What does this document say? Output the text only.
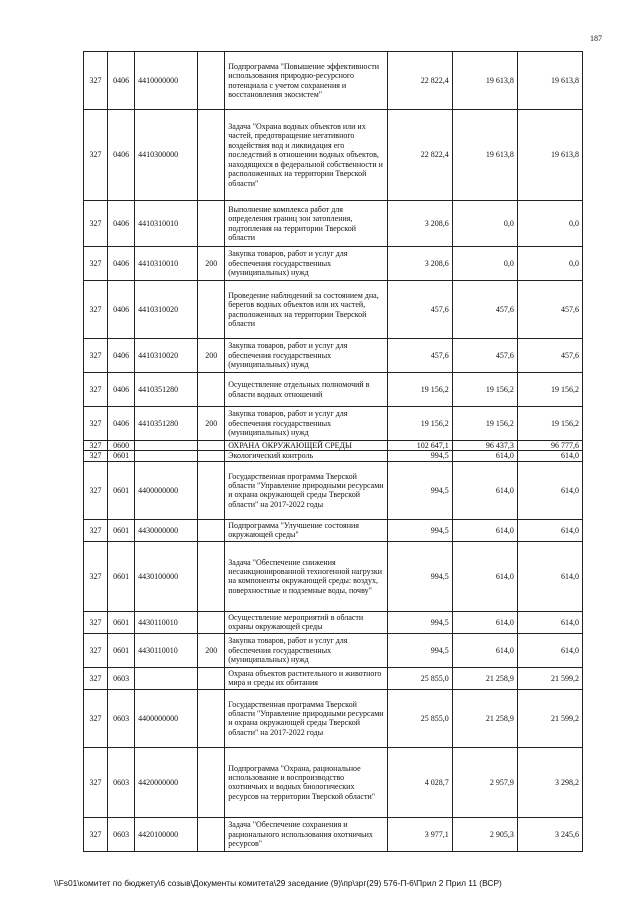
187
327	0406	4410000000		Подпрограмма "Повышение эффективности использования природно-ресурсного потенциала с учетом сохранения и восстановления экосистем"	22 822,4	19 613,8	19 613,8
327	0406	4410300000		Задача "Охрана водных объектов или их частей, предотвращение негативного воздействия вод и ликвидация его последствий в отношении водных объектов, находящихся в федеральной собственности и расположенных на территории Тверской области"	22 822,4	19 613,8	19 613,8
327	0406	4410310010		Выполнение комплекса работ для определения границ зон затопления, подтопления на территории Тверской области	3 208,6	0,0	0,0
327	0406	4410310010	200	Закупка товаров, работ и услуг для обеспечения государственных (муниципальных) нужд	3 208,6	0,0	0,0
327	0406	4410310020		Проведение наблюдений за состоянием дна, берегов водных объектов или их частей, расположенных на территории Тверской области	457,6	457,6	457,6
327	0406	4410310020	200	Закупка товаров, работ и услуг для обеспечения государственных (муниципальных) нужд	457,6	457,6	457,6
327	0406	4410351280		Осуществление отдельных полномочий в области водных отношений	19 156,2	19 156,2	19 156,2
327	0406	4410351280	200	Закупка товаров, работ и услуг для обеспечения государственных (муниципальных) нужд	19 156,2	19 156,2	19 156,2
327	0600			ОХРАНА ОКРУЖАЮЩЕЙ СРЕДЫ	102 647,1	96 437,3	96 777,6
327	0601			Экологический контроль	994,5	614,0	614,0
327	0601	4400000000		Государственная программа Тверской области "Управление природными ресурсами и охрана окружающей среды Тверской области" на 2017-2022 годы	994,5	614,0	614,0
327	0601	4430000000		Подпрограмма "Улучшение состояния окружающей среды"	994,5	614,0	614,0
327	0601	4430100000		Задача "Обеспечение снижения несанкционированной техногенной нагрузки на компоненты окружающей среды: воздух, поверхностные и подземные воды, почву"	994,5	614,0	614,0
327	0601	4430110010		Осуществление мероприятий в области охраны окружающей среды	994,5	614,0	614,0
327	0601	4430110010	200	Закупка товаров, работ и услуг для обеспечения государственных (муниципальных) нужд	994,5	614,0	614,0
327	0603			Охрана объектов растительного и животного мира и среды их обитания	25 855,0	21 258,9	21 599,2
327	0603	4400000000		Государственная программа Тверской области "Управление природными ресурсами и охрана окружающей среды Тверской области" на 2017-2022 годы	25 855,0	21 258,9	21 599,2
327	0603	4420000000		Подпрограмма "Охрана, рациональное использование и воспроизводство охотничьих и водных биологических ресурсов на территории Тверской области"	4 028,7	2 957,9	3 298,2
327	0603	4420100000		Задача "Обеспечение сохранения и рационального использования охотничьих ресурсов"	3 977,1	2 905,3	3 245,6
\\Fs01\комитет по бюджету\6 созыв\Документы комитета\29 заседание (9)\пр\зрг(29) 576-П-6\Прил 2 Прил 11 (ВСР)
